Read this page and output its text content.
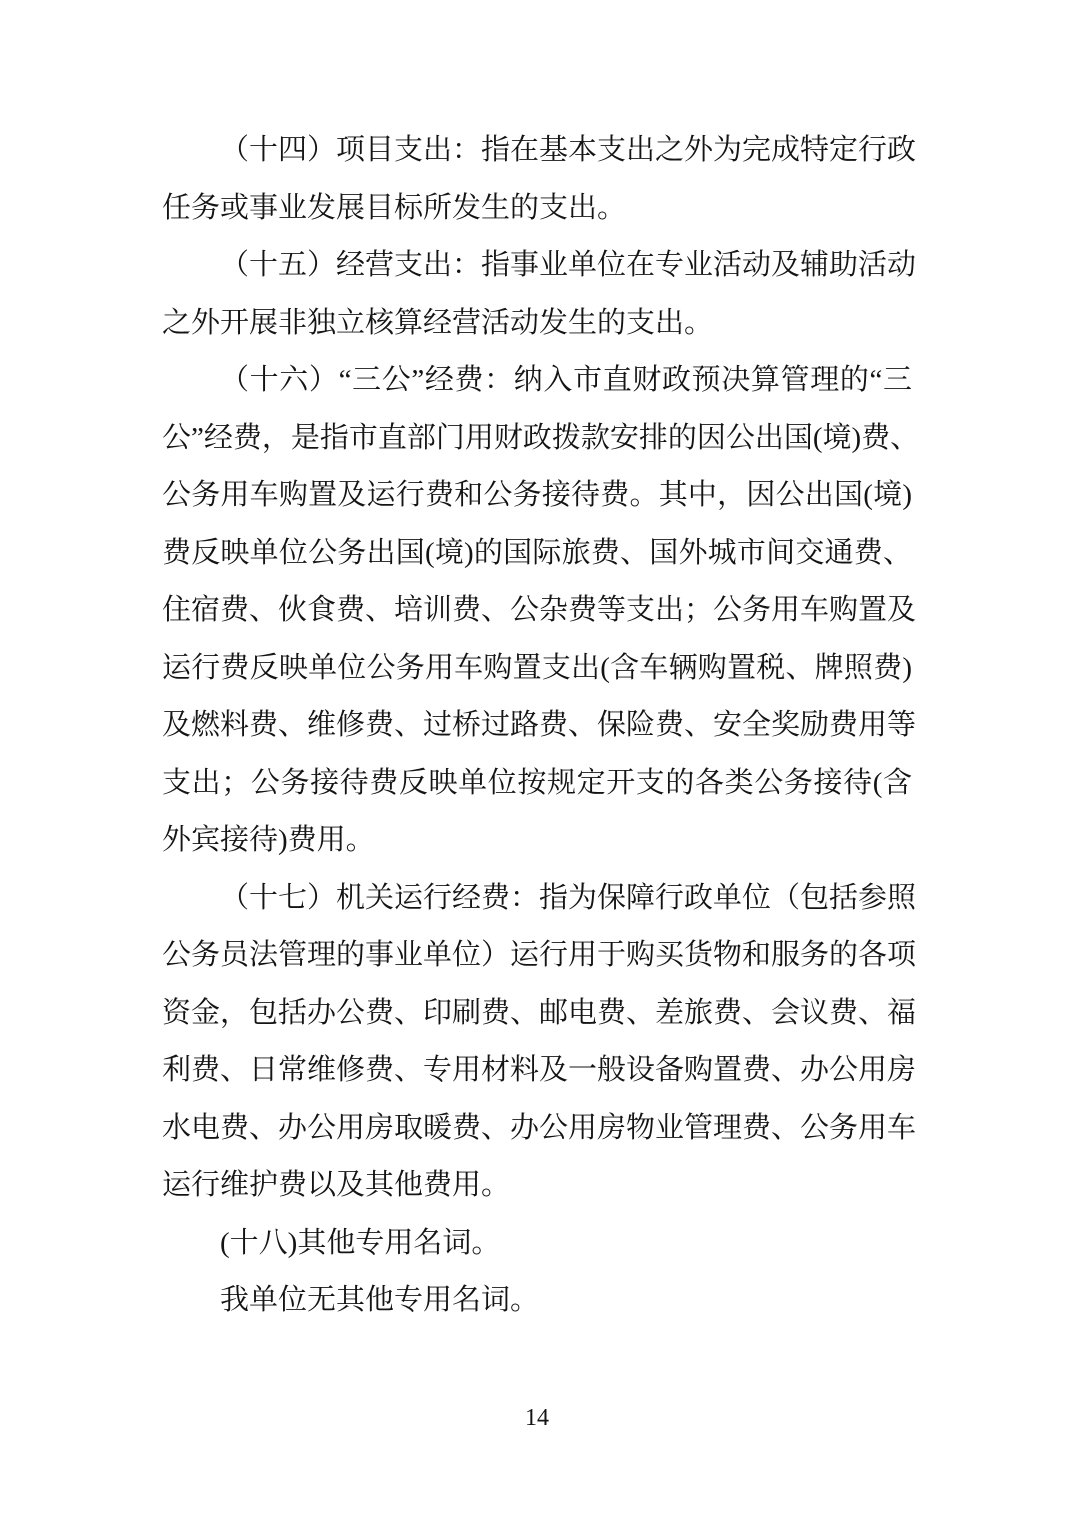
（十四）项目支出：指在基本支出之外为完成特定行政
任务或事业发展目标所发生的支出。

（十五）经营支出：指事业单位在专业活动及辅助活动
之外开展非独立核算经营活动发生的支出。

（十六）“三公”经费：纳入市直财政预决算管理的“三
公”经费，是指市直部门用财政拨款安排的因公出国(境)费、
公务用车购置及运行费和公务接待费。其中，因公出国(境)
费反映单位公务出国(境)的国际旅费、国外城市间交通费、
住宿费、伙食费、培训费、公杂费等支出；公务用车购置及
运行费反映单位公务用车购置支出(含车辆购置税、牌照费)
及燃料费、维修费、过桥过路费、保险费、安全奖励费用等
支出；公务接待费反映单位按规定开支的各类公务接待(含
外宾接待)费用。

（十七）机关运行经费：指为保障行政单位（包括参照
公务员法管理的事业单位）运行用于购买货物和服务的各项
资金，包括办公费、印刷费、邮电费、差旅费、会议费、福
利费、日常维修费、专用材料及一般设备购置费、办公用房
水电费、办公用房取暖费、办公用房物业管理费、公务用车
运行维护费以及其他费用。

(十八)其他专用名词。

我单位无其他专用名词。

14
